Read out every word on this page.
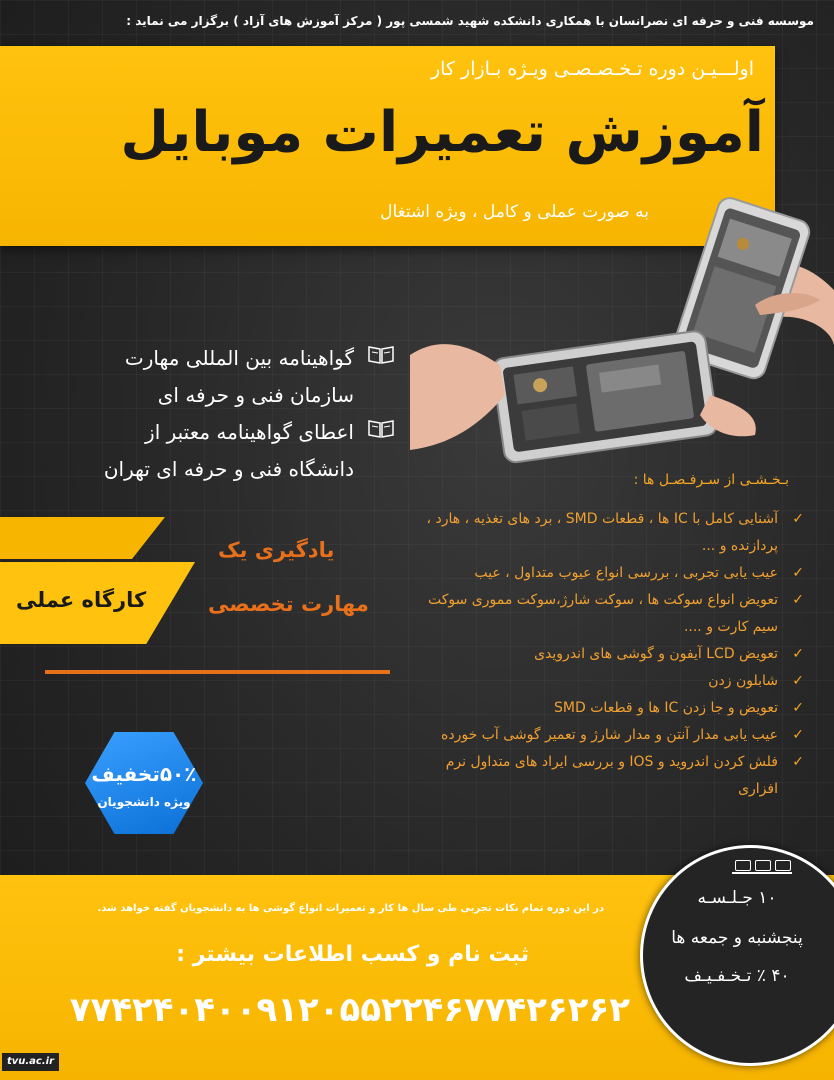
موسسه فنی و حرفه ای نصرانسان با همکاری دانشکده شهید شمسی پور ( مرکز آموزش های آزاد ) برگزار می نماید :
اولـــیـن دوره تـخـصـصـی ویـژه بـازار کار
آموزش تعمیرات موبایل
به صورت عملی و کامل ، ویژه اشتغال
گواهینامه بین المللی مهارت
سازمان فنی و حرفه ای
اعطای گواهینامه معتبر از
دانشگاه فنی و حرفه ای تهران	بـخـشـی از سـرفـصـل ها :
✓
آشنایی کامل با IC ها ، قطعات SMD ، برد های تغذیه ، هارد ، پردازنده و ...
✓
عیب یابی تجربی ، بررسی انواع عیوب متداول ، عیب
✓
تعویض انواع سوکت ها ، سوکت شارژ،سوکت مموری سوکت سیم کارت و ....
✓
تعویض LCD آیفون و گوشی های اندرویدی
✓
شابلون زدن
✓
تعویض و جا زدن IC ها و قطعات SMD
✓
عیب یابی مدار آنتن و مدار شارژ و تعمیر گوشی آب خورده
✓
فلش کردن اندروید و IOS و بررسی ایراد های متداول نرم افزاری
کارگاه عملی
یادگیری یک
مهارت تخصصی
۵۰٪تخفیف
ویژه دانشجویان
در این دوره تمام نکات تجربی طی سال ها کار و تعمیرات انواع گوشی ها به دانشجویان گفته خواهد شد.
ثبت نام و کسب اطلاعات بیشتر :
۷۷۴۲۶۲۶۲
۰۹۱۲۰۵۵۲۲۴۶
۷۷۴۲۴۰۴۰
۱۰ جـلـسـه
پنجشنبه و جمعه ها
۴۰ ٪ تـخـفـیـف
tvu.ac.ir
